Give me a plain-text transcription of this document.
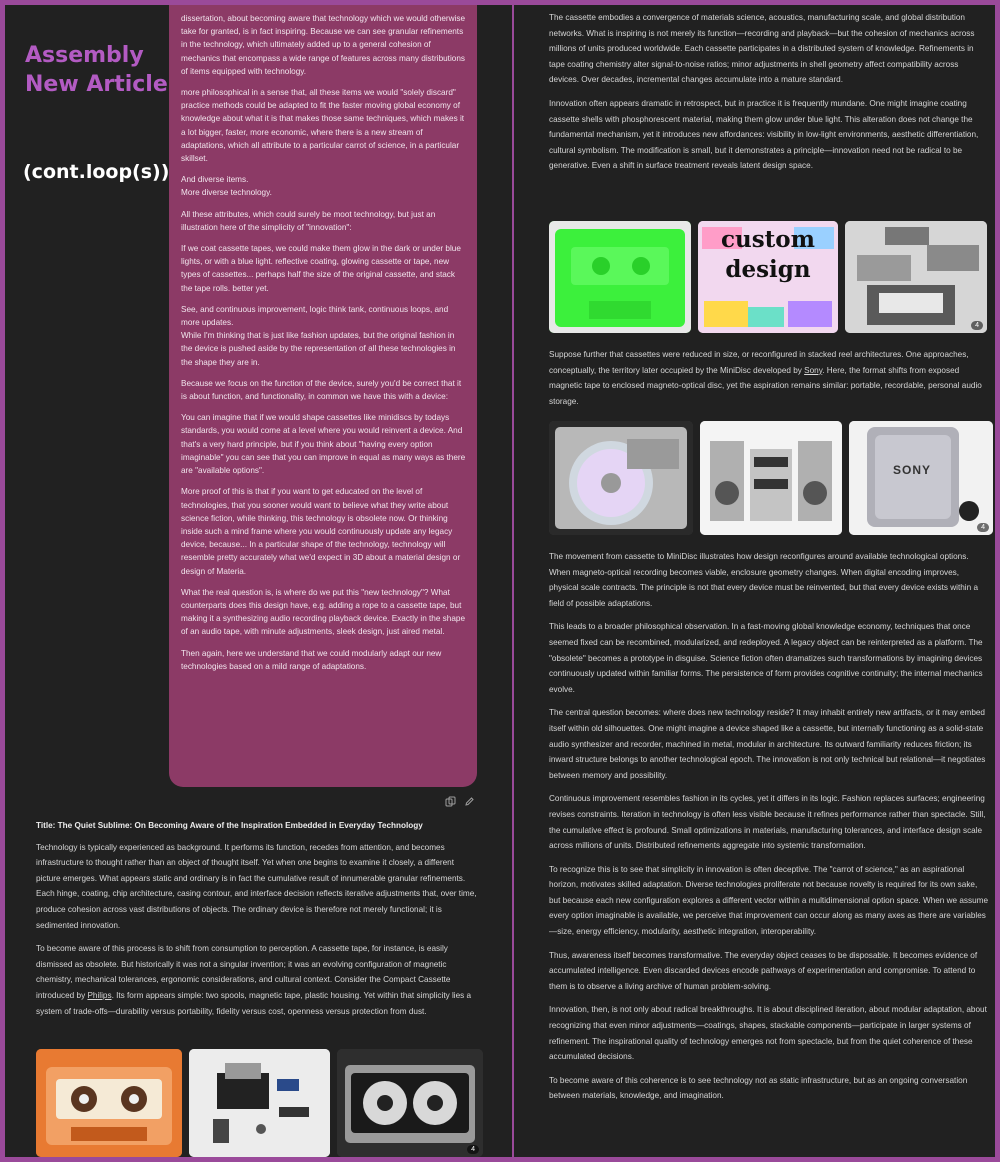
Assembly New Article
(cont.loop(s))

dissertation, about becoming aware that technology which we would otherwise take for granted, is in fact inspiring. Because we can see granular refinements in the technology, which ultimately added up to a general cohesion of mechanics that encompass a wide range of features across many distributions of items equipped with technology.

more philosophical in a sense that, all these items we would "solely discard" practice methods could be adapted to fit the faster moving global economy of knowledge about what it is that makes those same techniques, which makes it a lot bigger, faster, more economic, where there is a new stream of adaptations, which all attribute to a particular carrot of science, in a particular skillset.

And diverse items.
More diverse technology.

All these attributes, which could surely be moot technology, but just an illustration here of the simplicity of "innovation":

If we coat cassette tapes, we could make them glow in the dark or under blue lights, or with a blue light. reflective coating, glowing cassette or tape, new types of cassettes... perhaps half the size of the original cassette, and stack the tape rolls. better yet.

See, and continuous improvement, logic think tank, continuous loops, and more updates.
While I'm thinking that is just like fashion updates, but the original fashion in the device is pushed aside by the representation of all these technologies in the shape they are in.

Because we focus on the function of the device, surely you'd be correct that it is about function, and functionality, in common we have this with a device:

You can imagine that if we would shape cassettes like minidiscs by todays standards, you would come at a level where you would reinvent a device. And that's a very hard principle, but if you think about "having every option imaginable" you can see that you can improve in equal as many ways as there are "available options".

More proof of this is that if you want to get educated on the level of technologies, that you sooner would want to believe what they write about science fiction, while thinking, this technology is obsolete now. Or thinking inside such a mind frame where you would continuously update any legacy device, because... In a particular shape of the technology, technology will resemble pretty accurately what we'd expect in 3D about a material design or design of Materia.

What the real question is, is where do we put this "new technology"? What counterparts does this design have, e.g. adding a rope to a cassette tape, but making it a synthesizing audio recording playback device. Exactly in the shape of an audio tape, with minute adjustments, sleek design, just aired metal.

Then again, here we understand that we could modularly adapt our new technologies based on a mild range of adaptations.

Title: The Quiet Sublime: On Becoming Aware of the Inspiration Embedded in Everyday Technology

Technology is typically experienced as background. It performs its function, recedes from attention, and becomes infrastructure to thought rather than an object of thought itself. Yet when one begins to examine it closely, a different picture emerges. What appears static and ordinary is in fact the cumulative result of innumerable granular refinements. Each hinge, coating, chip architecture, casing contour, and interface decision reflects iterative adjustments that, over time, produce cohesion across vast distributions of objects. The ordinary device is therefore not merely functional; it is sedimented innovation.

To become aware of this process is to shift from consumption to perception. A cassette tape, for instance, is easily dismissed as obsolete. But historically it was not a singular invention; it was an evolving configuration of magnetic chemistry, mechanical tolerances, ergonomic considerations, and cultural context. Consider the Compact Cassette introduced by Philips. Its form appears simple: two spools, magnetic tape, plastic housing. Yet within that simplicity lies a system of trade-offs—durability versus portability, fidelity versus cost, openness versus protection from dust.

4

The cassette embodies a convergence of materials science, acoustics, manufacturing scale, and global distribution networks. What is inspiring is not merely its function—recording and playback—but the cohesion of mechanics across millions of units produced worldwide. Each cassette participates in a distributed system of knowledge. Refinements in tape coating chemistry alter signal-to-noise ratios; minor adjustments in shell geometry affect compatibility across devices. Over decades, incremental changes accumulate into a mature standard.

Innovation often appears dramatic in retrospect, but in practice it is frequently mundane. One might imagine coating cassette shells with phosphorescent material, making them glow under blue light. This alteration does not change the fundamental mechanism, yet it introduces new affordances: visibility in low-light environments, aesthetic differentiation, cultural symbolism. The modification is small, but it demonstrates a principle—innovation need not be radical to be generative. Even a shift in surface treatment reveals latent design space.

custom design
4

Suppose further that cassettes were reduced in size, or reconfigured in stacked reel architectures. One approaches, conceptually, the territory later occupied by the MiniDisc developed by Sony. Here, the format shifts from exposed magnetic tape to enclosed magneto-optical disc, yet the aspiration remains similar: portable, recordable, personal audio storage.

SONY
4

The movement from cassette to MiniDisc illustrates how design reconfigures around available technological options. When magneto-optical recording becomes viable, enclosure geometry changes. When digital encoding improves, physical scale contracts. The principle is not that every device must be reinvented, but that every device exists within a field of possible adaptations.

This leads to a broader philosophical observation. In a fast-moving global knowledge economy, techniques that once seemed fixed can be recombined, modularized, and redeployed. A legacy object can be reinterpreted as a platform. The "obsolete" becomes a prototype in disguise. Science fiction often dramatizes such transformations by imagining devices continuously updated within familiar forms. The persistence of form provides cognitive continuity; the internal mechanics evolve.

The central question becomes: where does new technology reside? It may inhabit entirely new artifacts, or it may embed itself within old silhouettes. One might imagine a device shaped like a cassette, but internally functioning as a solid-state audio synthesizer and recorder, machined in metal, modular in architecture. Its outward familiarity reduces friction; its inward structure belongs to another technological epoch. The innovation is not only technical but relational—it negotiates between memory and possibility.

Continuous improvement resembles fashion in its cycles, yet it differs in its logic. Fashion replaces surfaces; engineering revises constraints. Iteration in technology is often less visible because it refines performance rather than spectacle. Still, the cumulative effect is profound. Small optimizations in materials, manufacturing tolerances, and interface design scale across millions of units. Distributed refinements aggregate into systemic transformation.

To recognize this is to see that simplicity in innovation is often deceptive. The "carrot of science," as an aspirational horizon, motivates skilled adaptation. Diverse technologies proliferate not because novelty is required for its own sake, but because each new configuration explores a different vector within a multidimensional option space. When we assume every option imaginable is available, we perceive that improvement can occur along as many axes as there are variables—size, energy efficiency, modularity, aesthetic integration, interoperability.

Thus, awareness itself becomes transformative. The everyday object ceases to be disposable. It becomes evidence of accumulated intelligence. Even discarded devices encode pathways of experimentation and compromise. To attend to them is to observe a living archive of human problem-solving.

Innovation, then, is not only about radical breakthroughs. It is about disciplined iteration, about modular adaptation, about recognizing that even minor adjustments—coatings, shapes, stackable components—participate in larger systems of refinement. The inspirational quality of technology emerges not from spectacle, but from the quiet coherence of these accumulated decisions.

To become aware of this coherence is to see technology not as static infrastructure, but as an ongoing conversation between materials, knowledge, and imagination.
